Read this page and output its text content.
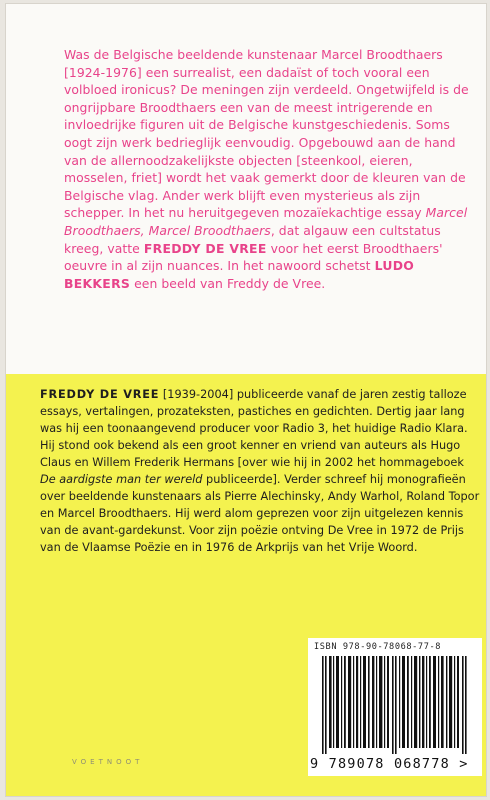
Was de Belgische beeldende kunstenaar Marcel Broodthaers [1924-1976] een surrealist, een dadaïst of toch vooral een volbloed ironicus? De meningen zijn verdeeld. Ongetwijfeld is de ongrijpbare Broodthaers een van de meest intrigerende en invloedrijke figuren uit de Belgische kunstgeschiedenis. Soms oogt zijn werk bedrieglijk eenvoudig. Opgebouwd aan de hand van de allernoodzakelijkste objecten [steenkool, eieren, mosselen, friet] wordt het vaak gemerkt door de kleuren van de Belgische vlag. Ander werk blijft even mysterieus als zijn schepper. In het nu heruitgegeven mozaïekachtige essay Marcel Broodthaers, Marcel Broodthaers, dat algauw een cultstatus kreeg, vatte FREDDY DE VREE voor het eerst Broodthaers' oeuvre in al zijn nuances. In het nawoord schetst LUDO BEKKERS een beeld van Freddy de Vree.

FREDDY DE VREE [1939-2004] publiceerde vanaf de jaren zestig talloze essays, vertalingen, prozateksten, pastiches en gedichten. Dertig jaar lang was hij een toonaangevend producer voor Radio 3, het huidige Radio Klara. Hij stond ook bekend als een groot kenner en vriend van auteurs als Hugo Claus en Willem Frederik Hermans [over wie hij in 2002 het hommageboek De aardigste man ter wereld publiceerde]. Verder schreef hij monografieën over beeldende kunstenaars als Pierre Alechinsky, Andy Warhol, Roland Topor en Marcel Broodthaers. Hij werd alom geprezen voor zijn uitgelezen kennis van de avant-gardekunst. Voor zijn poëzie ontving De Vree in 1972 de Prijs van de Vlaamse Poëzie en in 1976 de Arkprijs van het Vrije Woord.

ISBN 978-90-78068-77-8
9 789078 068778 >
VOETNOOT
